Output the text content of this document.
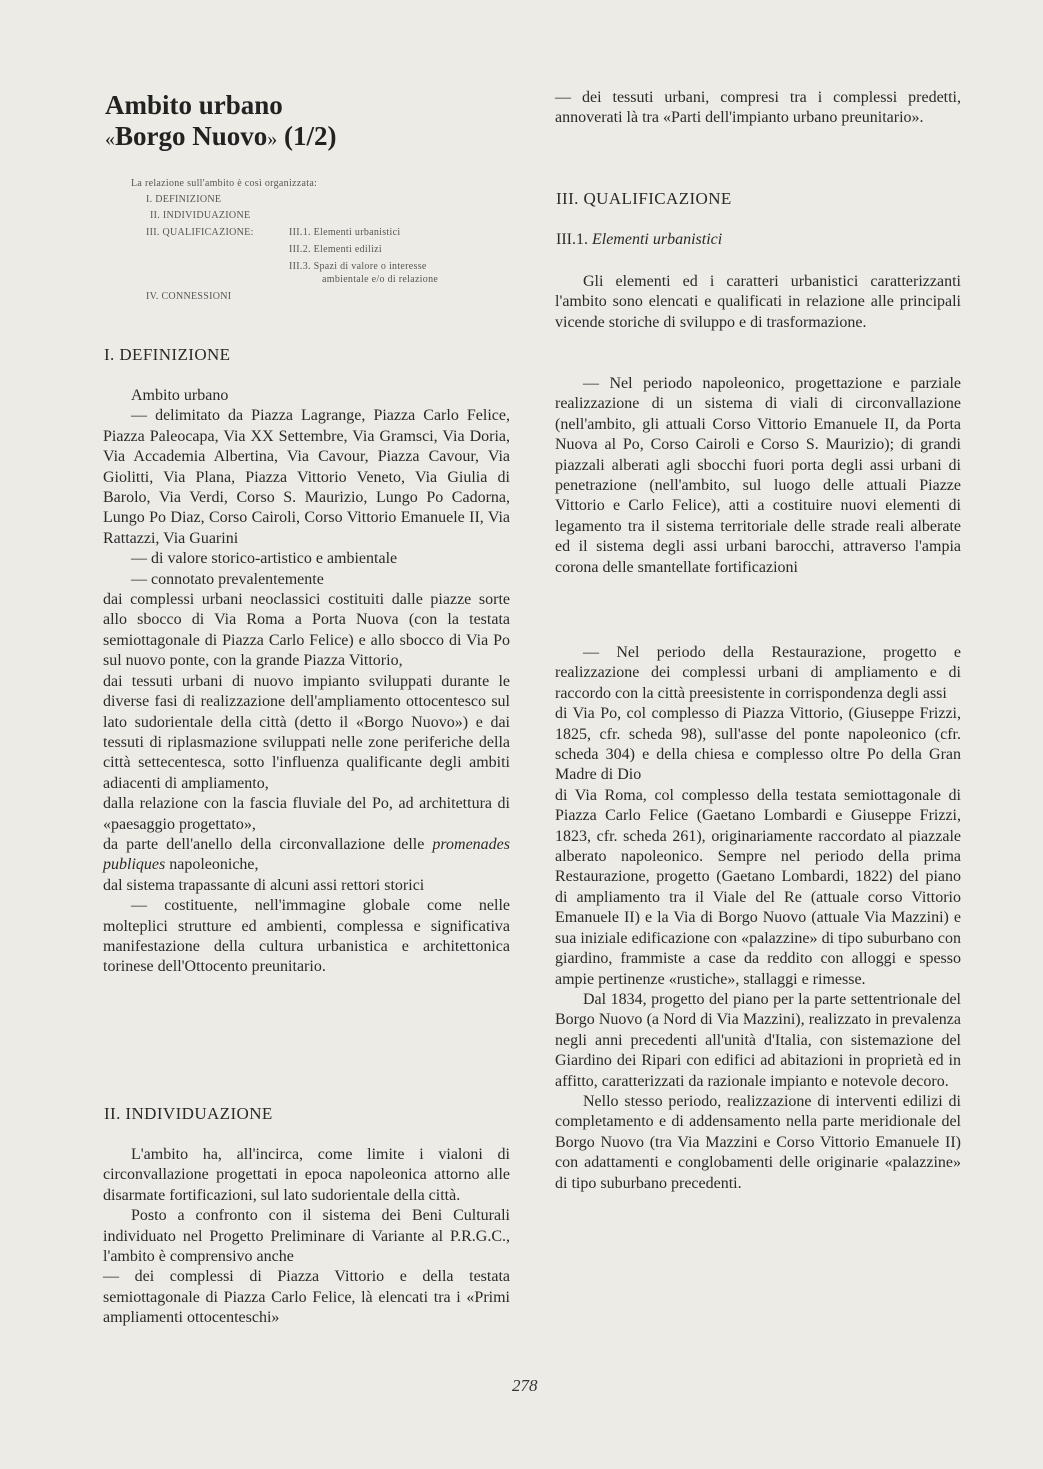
Ambito urbano
«Borgo Nuovo» (1/2)
La relazione sull'ambito è così organizzata:
I. DEFINIZIONE
II. INDIVIDUAZIONE
III. QUALIFICAZIONE:	III.1. Elementi urbanistici
III.2. Elementi edilizi
III.3. Spazi di valore o interesse
ambientale e/o di relazione
IV. CONNESSIONI
I. DEFINIZIONE

Ambito urbano

— delimitato da Piazza Lagrange, Piazza Carlo Felice, Piazza Paleocapa, Via XX Settembre, Via Gramsci, Via Doria, Via Accademia Albertina, Via Cavour, Piazza Cavour, Via Giolitti, Via Plana, Piazza Vittorio Veneto, Via Giulia di Barolo, Via Verdi, Corso S. Maurizio, Lungo Po Cadorna, Lungo Po Diaz, Corso Cairoli, Corso Vittorio Emanuele II, Via Rattazzi, Via Guarini

— di valore storico-artistico e ambientale

— connotato prevalentemente

dai complessi urbani neoclassici costituiti dalle piazze sorte allo sbocco di Via Roma a Porta Nuova (con la testata semiottagonale di Piazza Carlo Felice) e allo sbocco di Via Po sul nuovo ponte, con la grande Piazza Vittorio,

dai tessuti urbani di nuovo impianto sviluppati durante le diverse fasi di realizzazione dell'ampliamento ottocentesco sul lato sudorientale della città (detto il «Borgo Nuovo») e dai tessuti di riplasmazione sviluppati nelle zone periferiche della città settecentesca, sotto l'influenza qualificante degli ambiti adiacenti di ampliamento,

dalla relazione con la fascia fluviale del Po, ad architettura di «paesaggio progettato»,

da parte dell'anello della circonvallazione delle promenades publiques napoleoniche,

dal sistema trapassante di alcuni assi rettori storici

— costituente, nell'immagine globale come nelle molteplici strutture ed ambienti, complessa e significativa manifestazione della cultura urbanistica e architettonica torinese dell'Ottocento preunitario.

II. INDIVIDUAZIONE

L'ambito ha, all'incirca, come limite i vialoni di circonvallazione progettati in epoca napoleonica attorno alle disarmate fortificazioni, sul lato sudorientale della città.

Posto a confronto con il sistema dei Beni Culturali individuato nel Progetto Preliminare di Variante al P.R.G.C., l'ambito è comprensivo anche

— dei complessi di Piazza Vittorio e della testata semiottagonale di Piazza Carlo Felice, là elencati tra i «Primi ampliamenti ottocenteschi»

— dei tessuti urbani, compresi tra i complessi predetti, annoverati là tra «Parti dell'impianto urbano preunitario».

III. QUALIFICAZIONE
III.1. Elementi urbanistici

Gli elementi ed i caratteri urbanistici caratterizzanti l'ambito sono elencati e qualificati in relazione alle principali vicende storiche di sviluppo e di trasformazione.

— Nel periodo napoleonico, progettazione e parziale realizzazione di un sistema di viali di circonvallazione (nell'ambito, gli attuali Corso Vittorio Emanuele II, da Porta Nuova al Po, Corso Cairoli e Corso S. Maurizio); di grandi piazzali alberati agli sbocchi fuori porta degli assi urbani di penetrazione (nell'ambito, sul luogo delle attuali Piazze Vittorio e Carlo Felice), atti a costituire nuovi elementi di legamento tra il sistema territoriale delle strade reali alberate ed il sistema degli assi urbani barocchi, attraverso l'ampia corona delle smantellate fortificazioni

— Nel periodo della Restaurazione, progetto e realizzazione dei complessi urbani di ampliamento e di raccordo con la città preesistente in corrispondenza degli assi

di Via Po, col complesso di Piazza Vittorio, (Giuseppe Frizzi, 1825, cfr. scheda 98), sull'asse del ponte napoleonico (cfr. scheda 304) e della chiesa e complesso oltre Po della Gran Madre di Dio

di Via Roma, col complesso della testata semiottagonale di Piazza Carlo Felice (Gaetano Lombardi e Giuseppe Frizzi, 1823, cfr. scheda 261), originariamente raccordato al piazzale alberato napoleonico. Sempre nel periodo della prima Restaurazione, progetto (Gaetano Lombardi, 1822) del piano di ampliamento tra il Viale del Re (attuale corso Vittorio Emanuele II) e la Via di Borgo Nuovo (attuale Via Mazzini) e sua iniziale edificazione con «palazzine» di tipo suburbano con giardino, frammiste a case da reddito con alloggi e spesso ampie pertinenze «rustiche», stallaggi e rimesse.

Dal 1834, progetto del piano per la parte settentrionale del Borgo Nuovo (a Nord di Via Mazzini), realizzato in prevalenza negli anni precedenti all'unità d'Italia, con sistemazione del Giardino dei Ripari con edifici ad abitazioni in proprietà ed in affitto, caratterizzati da razionale impianto e notevole decoro.

Nello stesso periodo, realizzazione di interventi edilizi di completamento e di addensamento nella parte meridionale del Borgo Nuovo (tra Via Mazzini e Corso Vittorio Emanuele II) con adattamenti e conglobamenti delle originarie «palazzine» di tipo suburbano precedenti.

278
